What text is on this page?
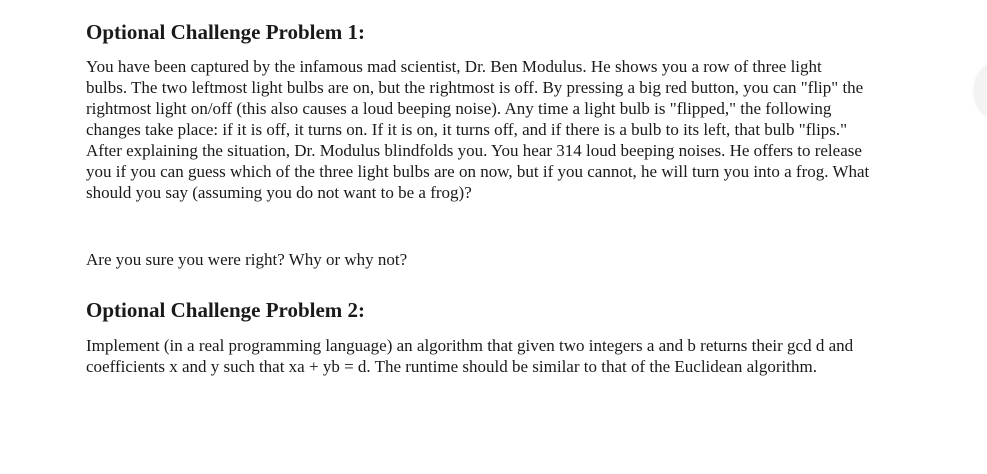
Optional Challenge Problem 1:

You have been captured by the infamous mad scientist, Dr. Ben Modulus. He shows you a row of three light
bulbs. The two leftmost light bulbs are on, but the rightmost is off. By pressing a big red button, you can "flip" the
rightmost light on/off (this also causes a loud beeping noise). Any time a light bulb is "flipped," the following
changes take place: if it is off, it turns on. If it is on, it turns off, and if there is a bulb to its left, that bulb "flips."
After explaining the situation, Dr. Modulus blindfolds you. You hear 314 loud beeping noises. He offers to release
you if you can guess which of the three light bulbs are on now, but if you cannot, he will turn you into a frog. What
should you say (assuming you do not want to be a frog)?

Are you sure you were right? Why or why not?

Optional Challenge Problem 2:

Implement (in a real programming language) an algorithm that given two integers a and b returns their gcd d and
coefficients x and y such that xa + yb = d. The runtime should be similar to that of the Euclidean algorithm.
